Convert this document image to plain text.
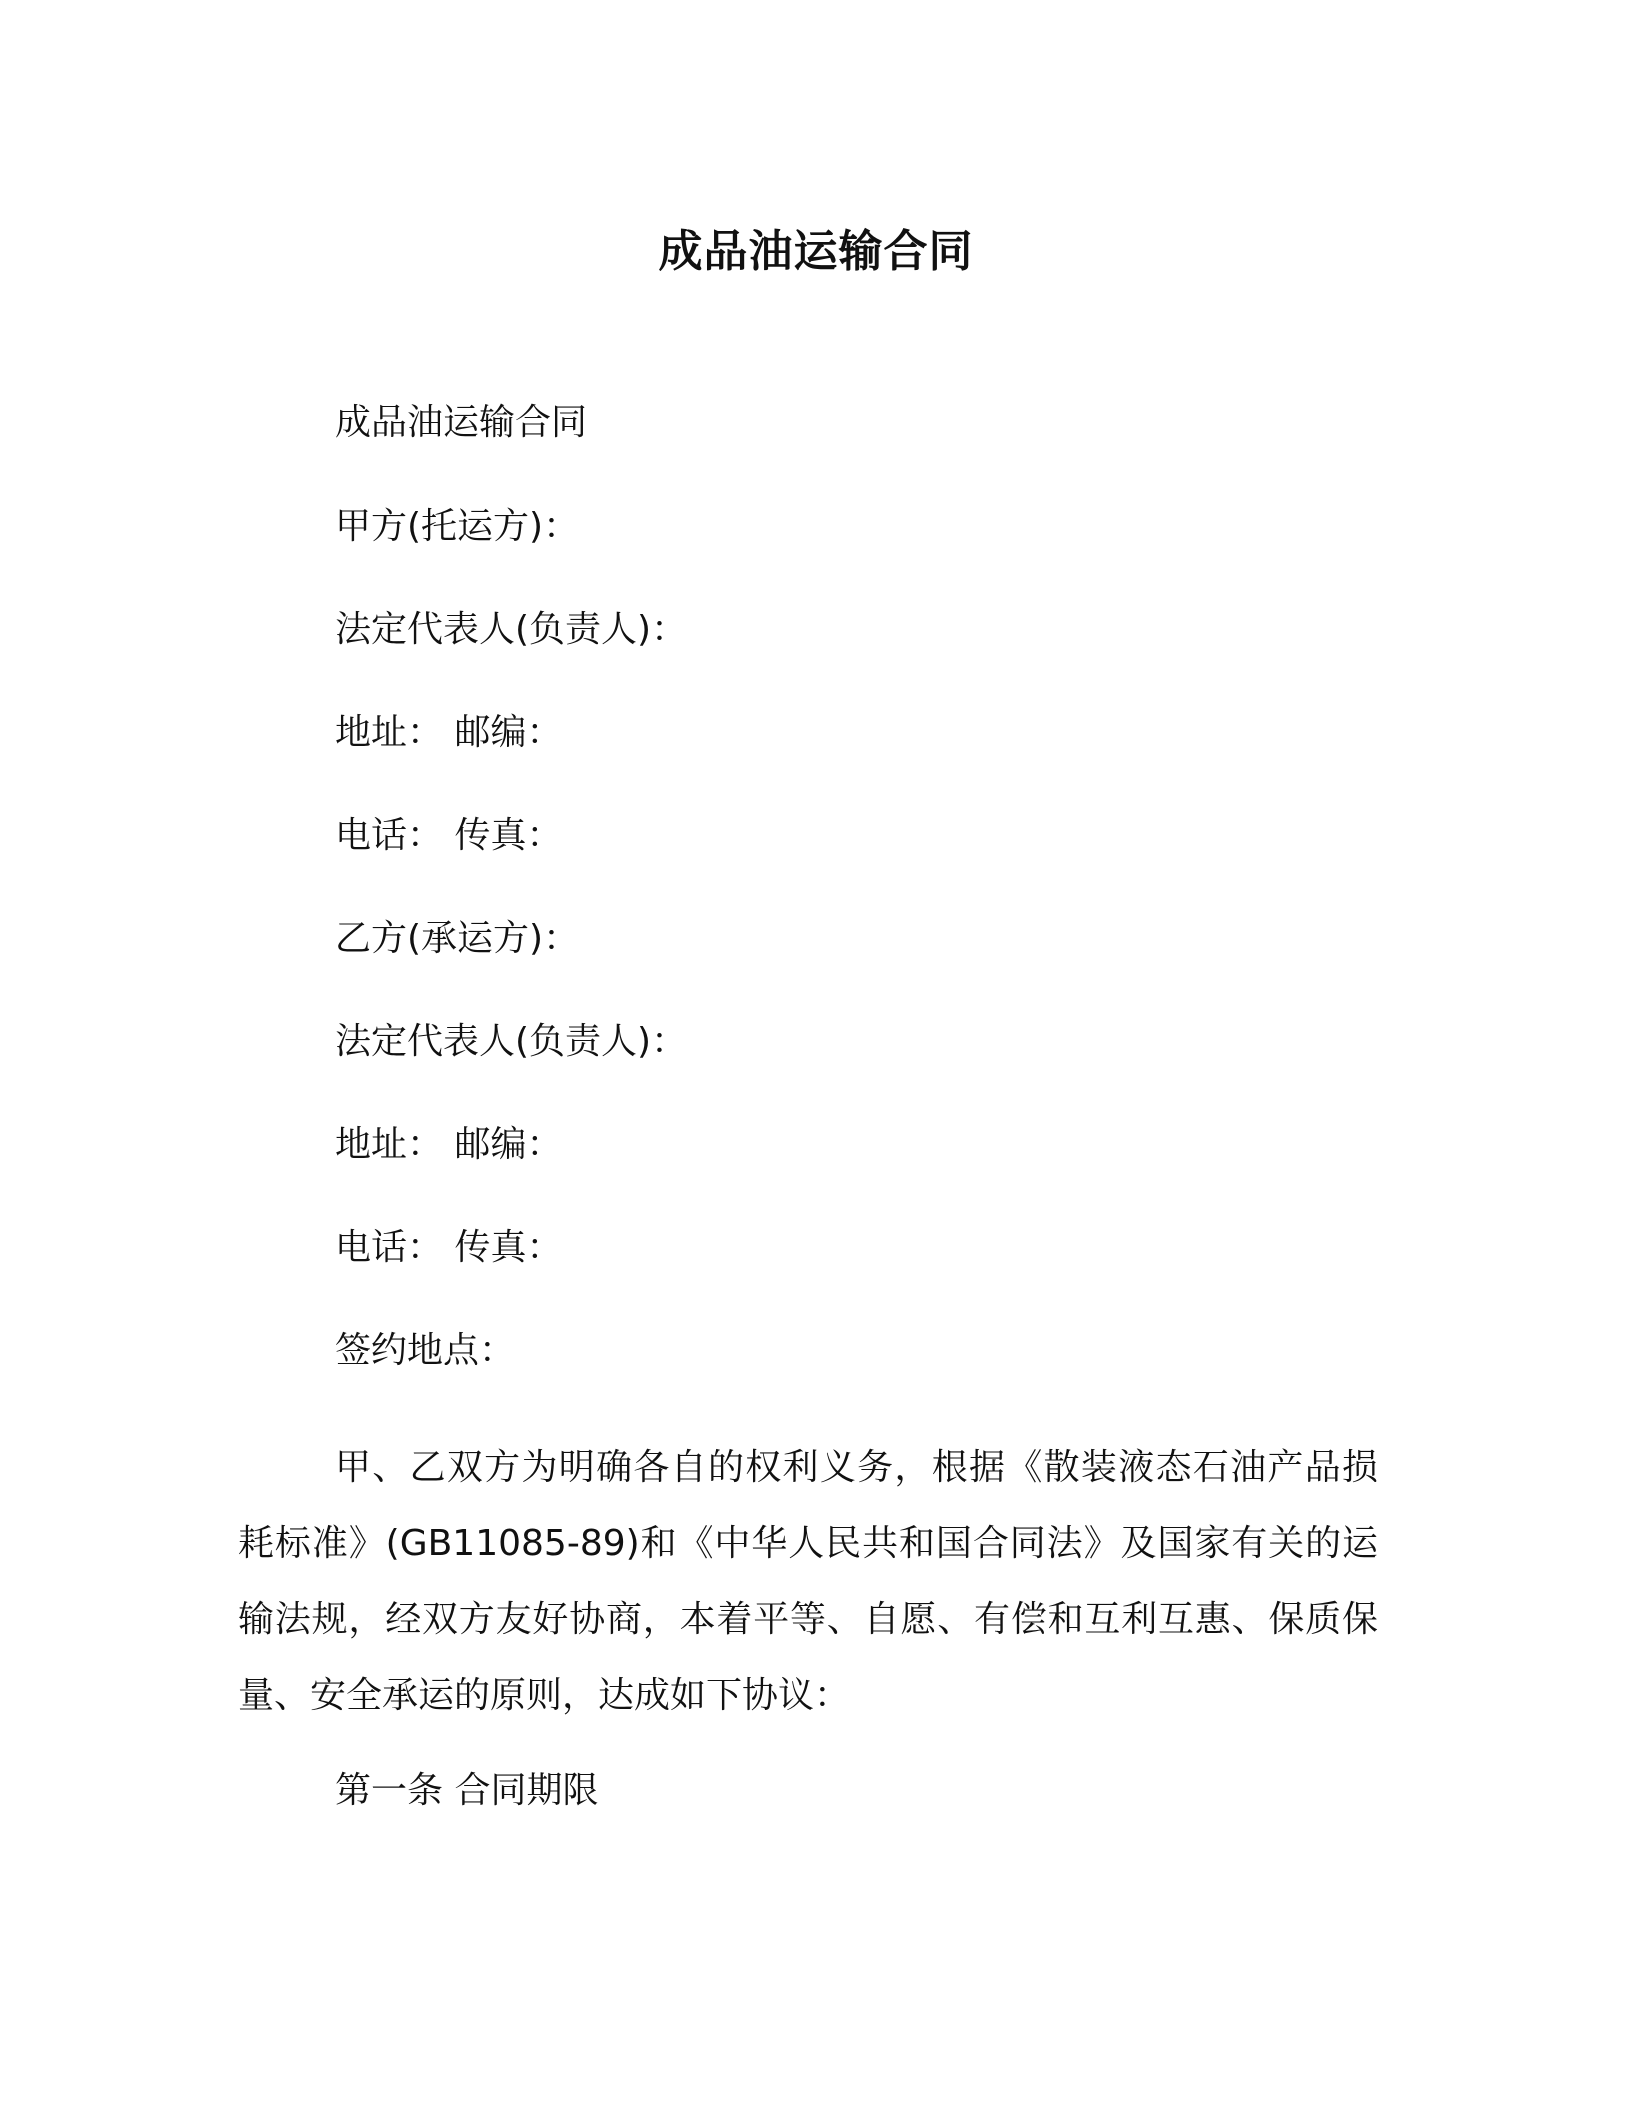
成品油运输合同
成品油运输合同
甲方(托运方)：
法定代表人(负责人)：
地址： 邮编：
电话： 传真：
乙方(承运方)：
法定代表人(负责人)：
地址： 邮编：
电话： 传真：
签约地点：
甲、乙双方为明确各自的权利义务，根据《散装液态石油产品损耗标准》(GB11085-89)和《中华人民共和国合同法》及国家有关的运输法规，经双方友好协商，本着平等、自愿、有偿和互利互惠、保质保量、安全承运的原则，达成如下协议：
第一条 合同期限
